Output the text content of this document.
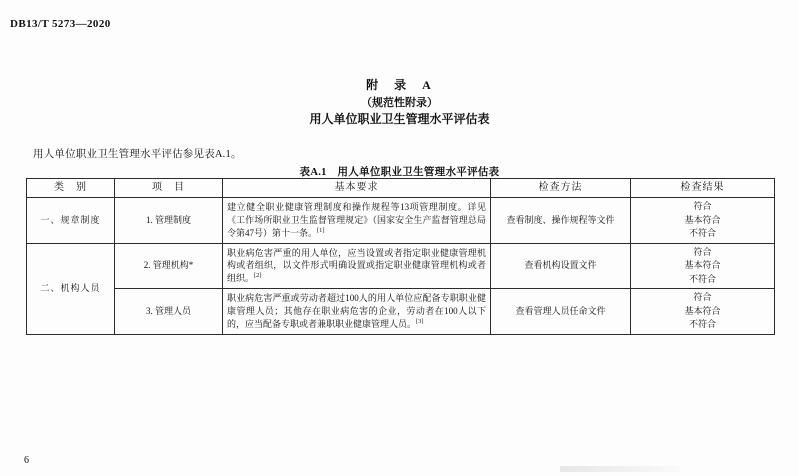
DB13/T 5273—2020
附　录　A
（规范性附录）
用人单位职业卫生管理水平评估表
用人单位职业卫生管理水平评估参见表A.1。
表A.1　用人单位职业卫生管理水平评估表
类　别	项　目	基本要求	检查方法	检查结果
一、规章制度	1. 管理制度	建立健全职业健康管理制度和操作规程等13项管理制度。详见《工作场所职业卫生监督管理规定》（国家安全生产监督管理总局令第47号）第十一条。[1]	查看制度、操作规程等文件	符合
基本符合
不符合

二、机构人员	2. 管理机构*	职业病危害严重的用人单位，应当设置或者指定职业健康管理机构或者组织，以文件形式明确设置或指定职业健康管理机构或者组织。[2]	查看机构设置文件	符合
基本符合
不符合

	3. 管理人员	职业病危害严重或劳动者超过100人的用人单位应配备专职职业健康管理人员；其他存在职业病危害的企业，劳动者在100人以下的，应当配备专职或者兼职职业健康管理人员。[3]	查看管理人员任命文件	符合
基本符合
不符合
6
